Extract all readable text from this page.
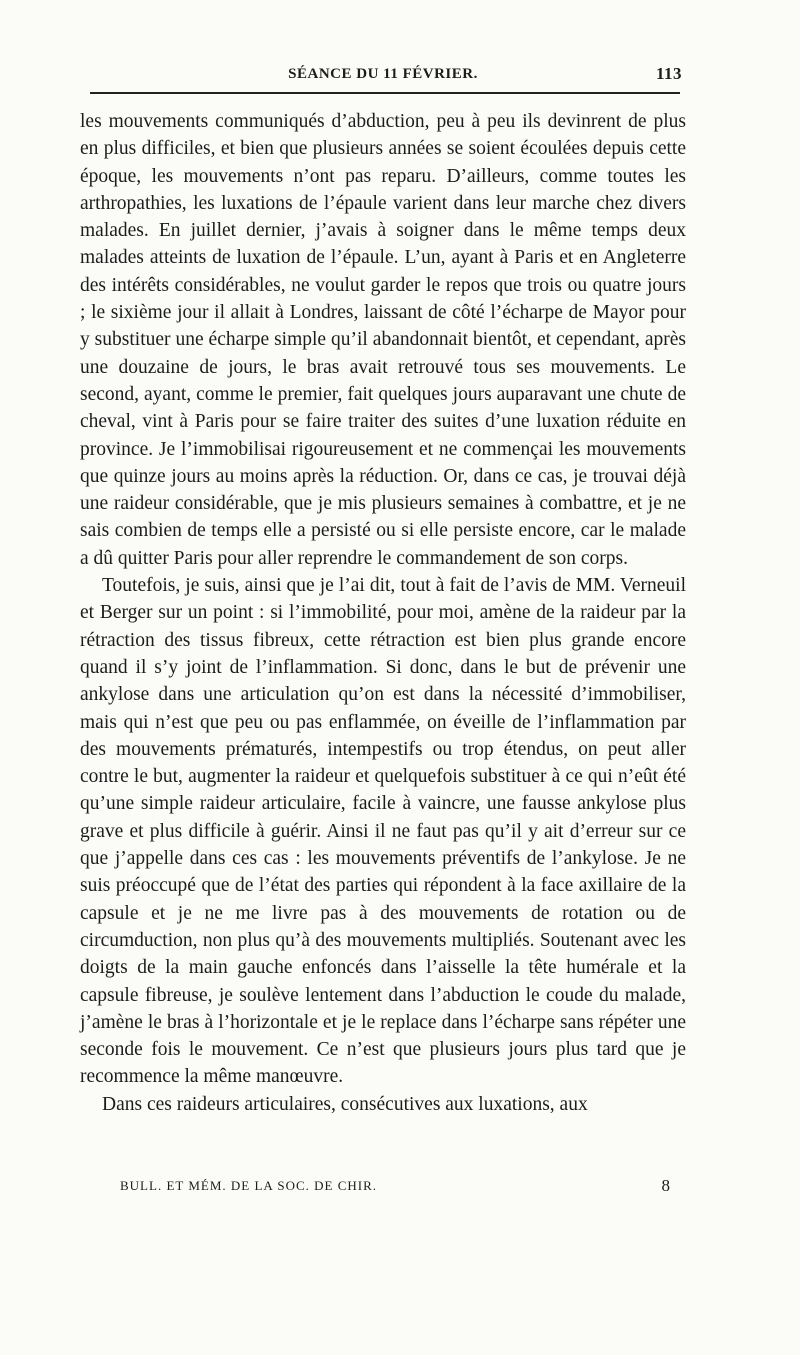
SÉANCE DU 11 FÉVRIER.	113

les mouvements communiqués d’abduction, peu à peu ils devinrent de plus en plus difficiles, et bien que plusieurs années se soient écoulées depuis cette époque, les mouvements n’ont pas reparu. D’ailleurs, comme toutes les arthropathies, les luxations de l’épaule varient dans leur marche chez divers malades. En juillet dernier, j’avais à soigner dans le même temps deux malades atteints de luxation de l’épaule. L’un, ayant à Paris et en Angleterre des intérêts considérables, ne voulut garder le repos que trois ou quatre jours ; le sixième jour il allait à Londres, laissant de côté l’écharpe de Mayor pour y substituer une écharpe simple qu’il abandonnait bientôt, et cependant, après une douzaine de jours, le bras avait retrouvé tous ses mouvements. Le second, ayant, comme le premier, fait quelques jours auparavant une chute de cheval, vint à Paris pour se faire traiter des suites d’une luxation réduite en province. Je l’immobilisai rigoureusement et ne commençai les mouvements que quinze jours au moins après la réduction. Or, dans ce cas, je trouvai déjà une raideur considérable, que je mis plusieurs semaines à combattre, et je ne sais combien de temps elle a persisté ou si elle persiste encore, car le malade a dû quitter Paris pour aller reprendre le commandement de son corps.

Toutefois, je suis, ainsi que je l’ai dit, tout à fait de l’avis de MM. Verneuil et Berger sur un point : si l’immobilité, pour moi, amène de la raideur par la rétraction des tissus fibreux, cette rétraction est bien plus grande encore quand il s’y joint de l’inflammation. Si donc, dans le but de prévenir une ankylose dans une articulation qu’on est dans la nécessité d’immobiliser, mais qui n’est que peu ou pas enflammée, on éveille de l’inflammation par des mouvements prématurés, intempestifs ou trop étendus, on peut aller contre le but, augmenter la raideur et quelquefois substituer à ce qui n’eût été qu’une simple raideur articulaire, facile à vaincre, une fausse ankylose plus grave et plus difficile à guérir. Ainsi il ne faut pas qu’il y ait d’erreur sur ce que j’appelle dans ces cas : les mouvements préventifs de l’ankylose. Je ne suis préoccupé que de l’état des parties qui répondent à la face axillaire de la capsule et je ne me livre pas à des mouvements de rotation ou de circumduction, non plus qu’à des mouvements multipliés. Soutenant avec les doigts de la main gauche enfoncés dans l’aisselle la tête humérale et la capsule fibreuse, je soulève lentement dans l’abduction le coude du malade, j’amène le bras à l’horizontale et je le replace dans l’écharpe sans répéter une seconde fois le mouvement. Ce n’est que plusieurs jours plus tard que je recommence la même manœuvre.

Dans ces raideurs articulaires, consécutives aux luxations, aux

BULL. ET MÉM. DE LA SOC. DE CHIR.	8
